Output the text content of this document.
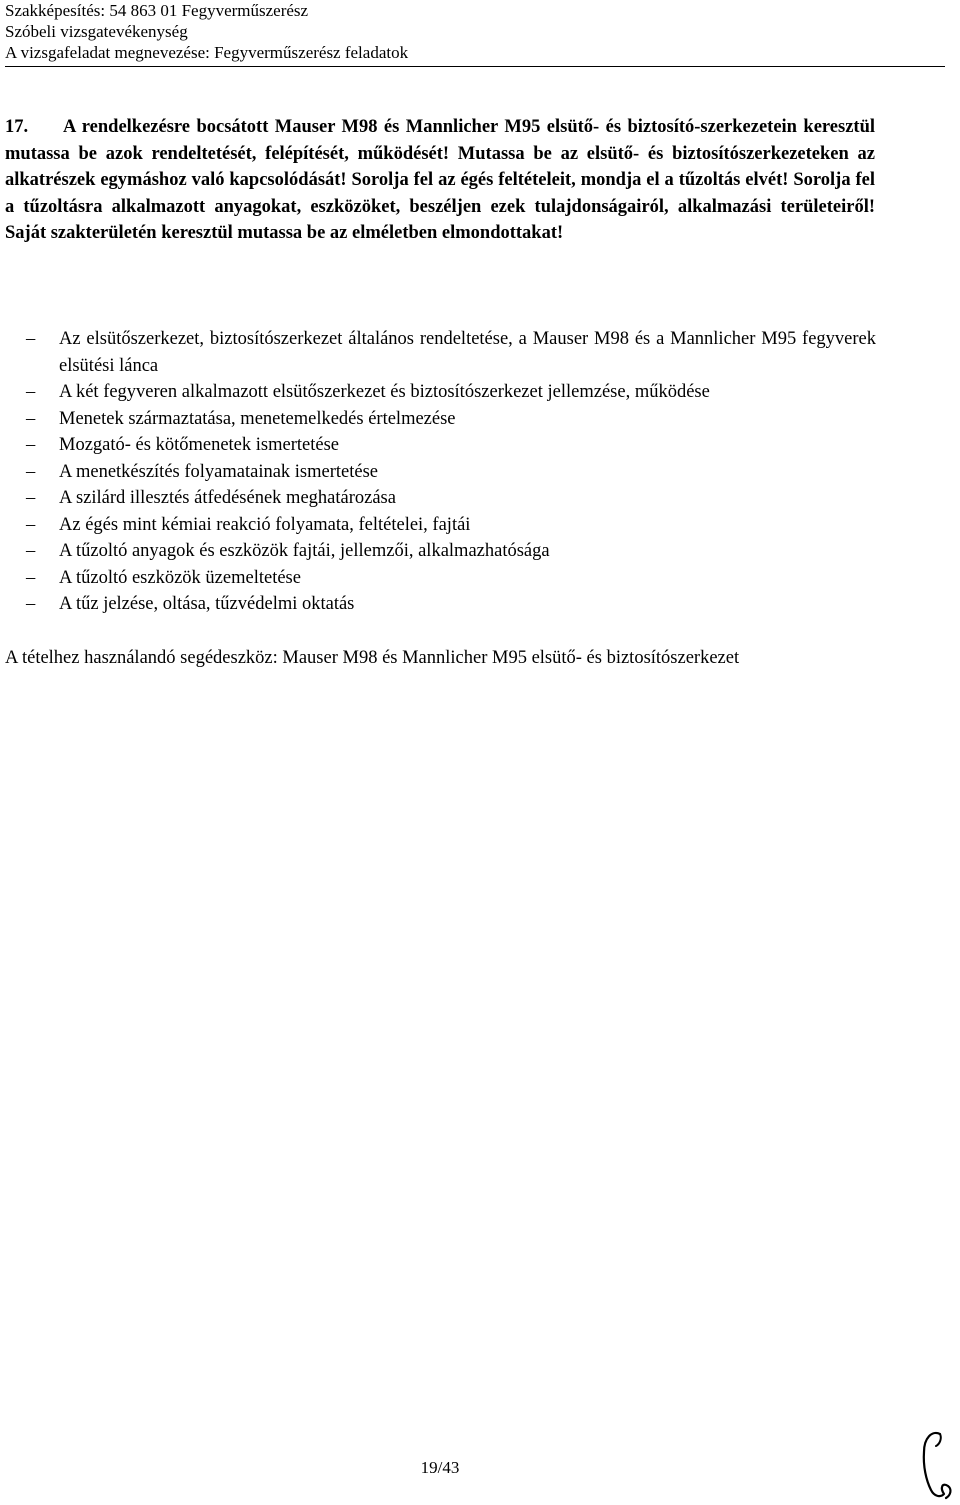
Szakképesítés: 54 863 01 Fegyverműszerész
Szóbeli vizsgatevékenység
A vizsgafeladat megnevezése: Fegyverműszerész feladatok
17. A rendelkezésre bocsátott Mauser M98 és Mannlicher M95 elsütő- és biztosító-szerkezetein keresztül mutassa be azok rendeltetését, felépítését, működését! Mutassa be az elsütő- és biztosítószerkezeteken az alkatrészek egymáshoz való kapcsolódását! Sorolja fel az égés feltételeit, mondja el a tűzoltás elvét! Sorolja fel a tűzoltásra alkalmazott anyagokat, eszközöket, beszéljen ezek tulajdonságairól, alkalmazási területeiről! Saját szakterületén keresztül mutassa be az elméletben elmondottakat!
– Az elsütőszerkezet, biztosítószerkezet általános rendeltetése, a Mauser M98 és a Mannlicher M95 fegyverek elsütési lánca
– A két fegyveren alkalmazott elsütőszerkezet és biztosítószerkezet jellemzése, működése
– Menetek származtatása, menetemelkedés értelmezése
– Mozgató- és kötőmenetek ismertetése
– A menetkészítés folyamatainak ismertetése
– A szilárd illesztés átfedésének meghatározása
– Az égés mint kémiai reakció folyamata, feltételei, fajtái
– A tűzoltó anyagok és eszközök fajtái, jellemzői, alkalmazhatósága
– A tűzoltó eszközök üzemeltetése
– A tűz jelzése, oltása, tűzvédelmi oktatás
A tételhez használandó segédeszköz: Mauser M98 és Mannlicher M95 elsütő- és biztosítószerkezet
19/43
